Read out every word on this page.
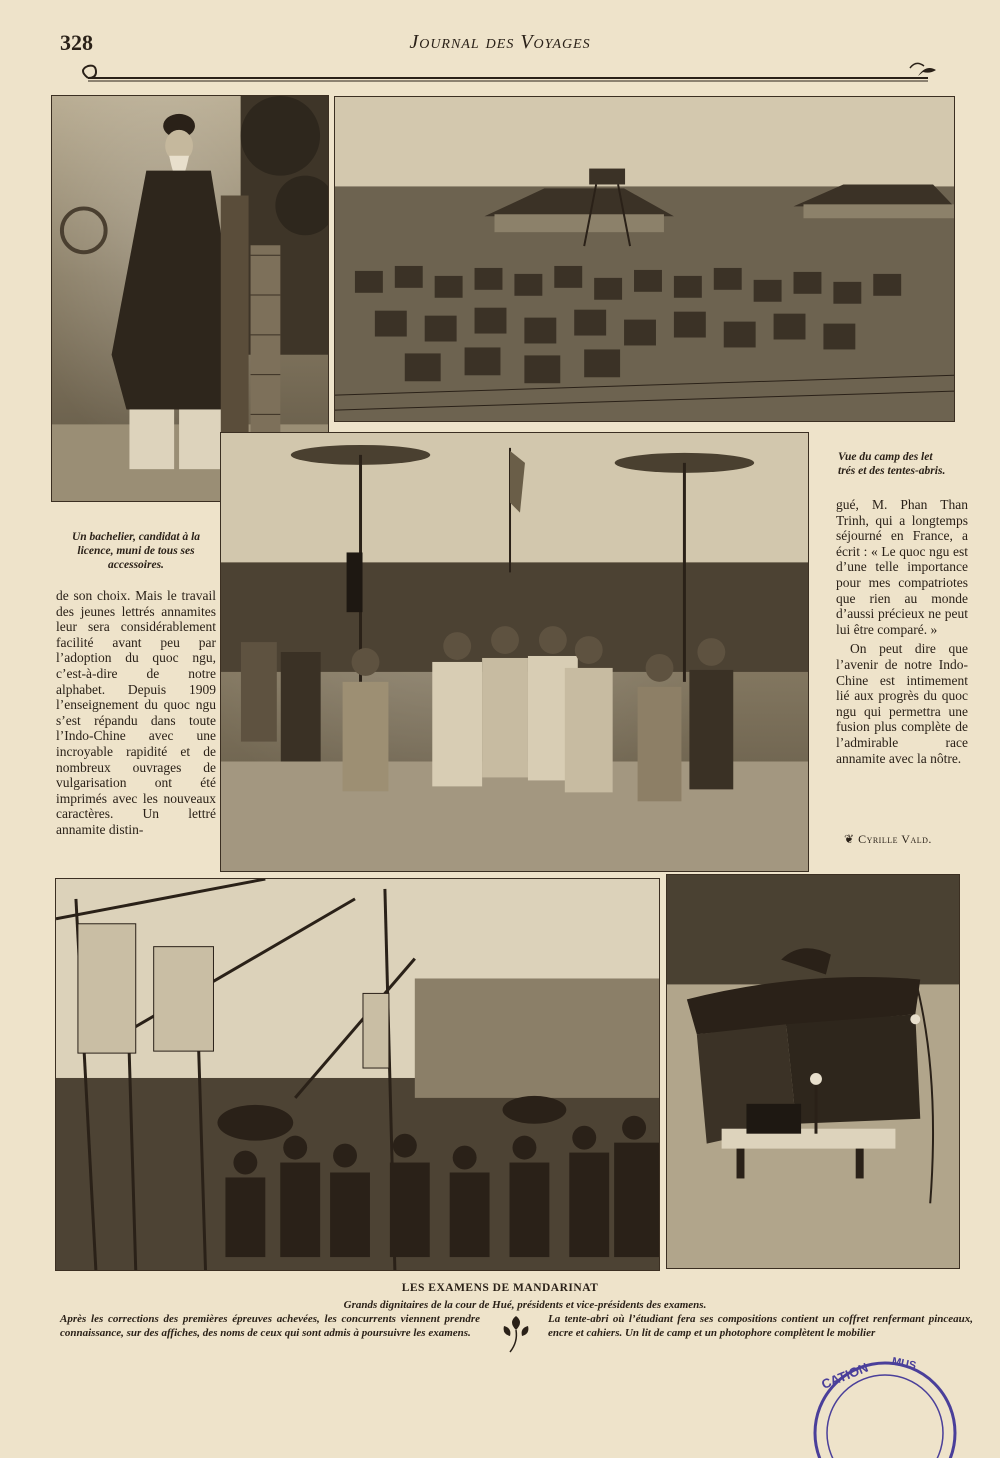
328	Journal des Voyages
Un bachelier, candidat à la licence, muni de tous ses accessoires.
Vue du camp des let
trés et des tentes-abris.

de son choix. Mais le travail des jeunes lettrés annamites leur sera considérablement facilité avant peu par l’adoption du quoc ngu, c’est-à-dire de notre alphabet. Depuis 1909 l’enseignement du quoc ngu s’est répandu dans toute l’Indo-Chine avec une incroyable rapidité et de nombreux ouvrages de vulgarisation ont été imprimés avec les nouveaux caractères. Un lettré annamite distin-

gué, M. Phan Than Trinh, qui a longtemps séjourné en France, a écrit : « Le quoc ngu est d’une telle importance pour mes compatriotes que rien au monde d’aussi précieux ne peut lui être comparé. »

On peut dire que l’avenir de notre Indo-Chine est intimement lié aux progrès du quoc ngu qui permettra une fusion plus complète de l’admirable race annamite avec la nôtre.

❦ Cyrille Vald.
LES EXAMENS DE MANDARINAT
Grands dignitaires de la cour de Hué, présidents et vice-présidents des examens.
Après les corrections des premières épreuves achevées, les concurrents viennent prendre connaissance, sur des affiches, des noms de ceux qui sont admis à poursuivre les examens.
La tente-abri où l’étudiant fera ses compositions contient un coffret renfermant pinceaux, encre et cahiers. Un lit de camp et un photophore complètent le mobilier
CATION MUS
